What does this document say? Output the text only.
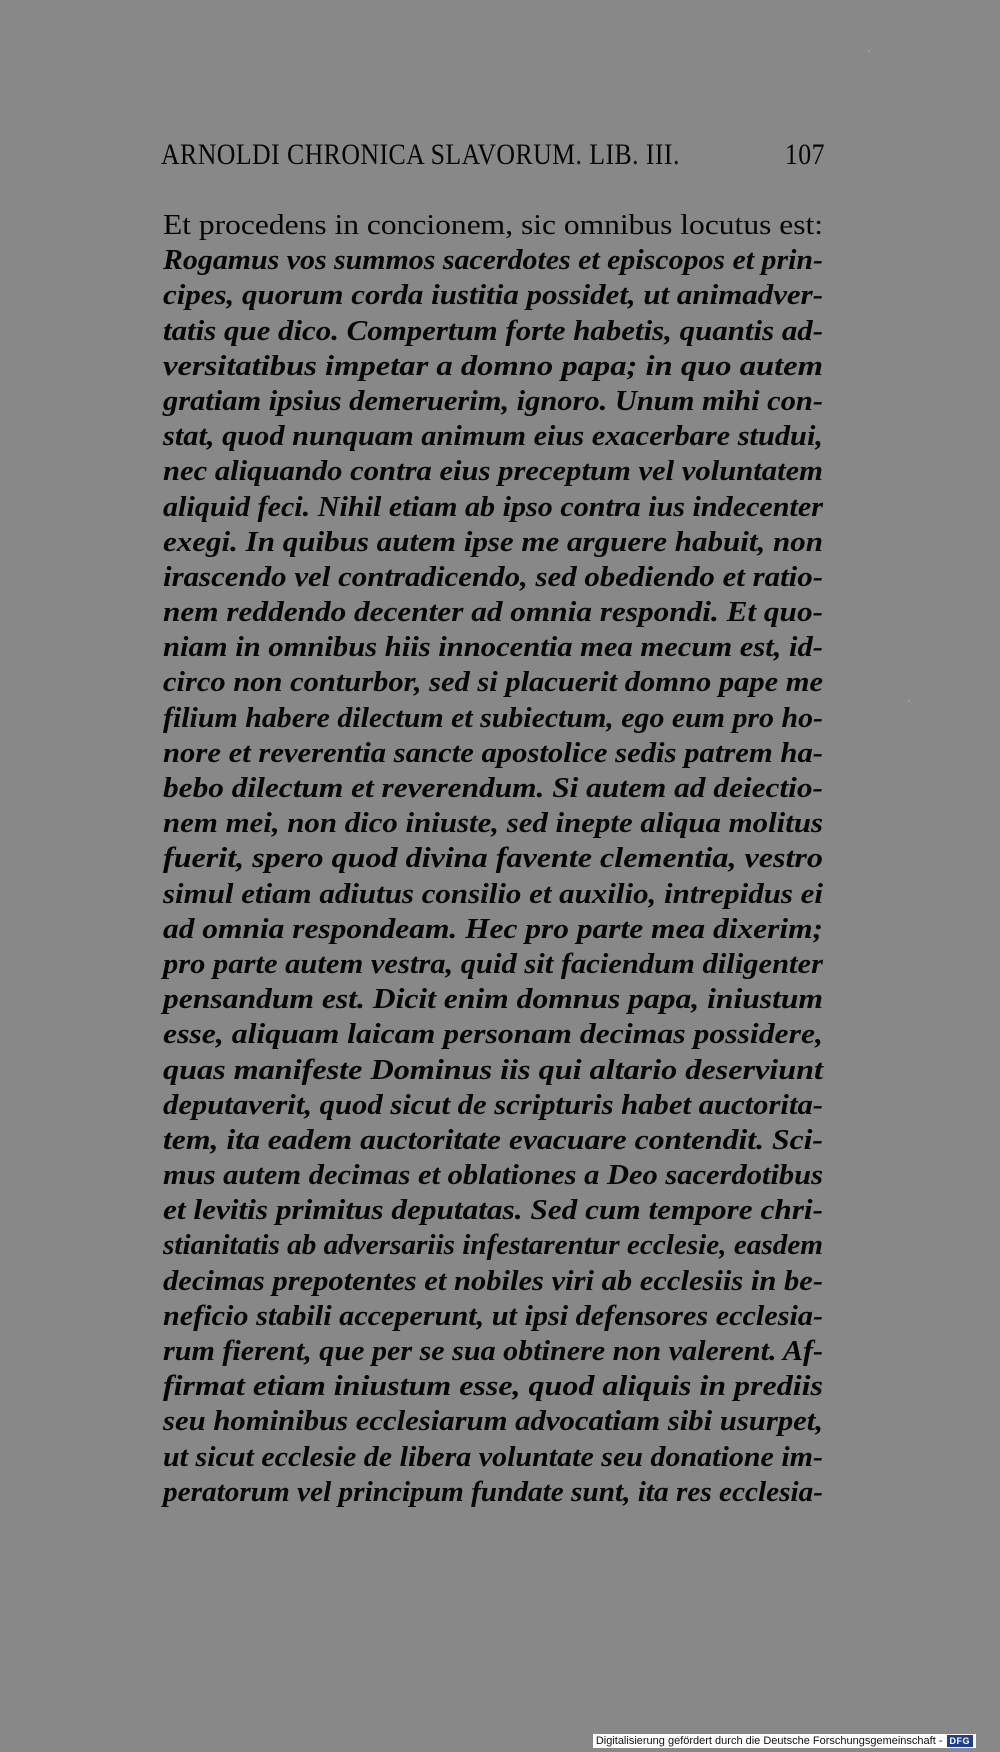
ARNOLDI CHRONICA SLAVORUM. LIB. III.	107
Et procedens in concionem, sic omnibus locutus est:
Rogamus vos summos sacerdotes et episcopos et prin-
cipes, quorum corda iustitia possidet, ut animadver-
tatis que dico. Compertum forte habetis, quantis ad-
versitatibus impetar a domno papa; in quo autem
gratiam ipsius demeruerim, ignoro. Unum mihi con-
stat, quod nunquam animum eius exacerbare studui,
nec aliquando contra eius preceptum vel voluntatem
aliquid feci. Nihil etiam ab ipso contra ius indecenter
exegi. In quibus autem ipse me arguere habuit, non
irascendo vel contradicendo, sed obediendo et ratio-
nem reddendo decenter ad omnia respondi. Et quo-
niam in omnibus hiis innocentia mea mecum est, id-
circo non conturbor, sed si placuerit domno pape me
filium habere dilectum et subiectum, ego eum pro ho-
nore et reverentia sancte apostolice sedis patrem ha-
bebo dilectum et reverendum. Si autem ad deiectio-
nem mei, non dico iniuste, sed inepte aliqua molitus
fuerit, spero quod divina favente clementia, vestro
simul etiam adiutus consilio et auxilio, intrepidus ei
ad omnia respondeam. Hec pro parte mea dixerim;
pro parte autem vestra, quid sit faciendum diligenter
pensandum est. Dicit enim domnus papa, iniustum
esse, aliquam laicam personam decimas possidere,
quas manifeste Dominus iis qui altario deserviunt
deputaverit, quod sicut de scripturis habet auctorita-
tem, ita eadem auctoritate evacuare contendit. Sci-
mus autem decimas et oblationes a Deo sacerdotibus
et levitis primitus deputatas. Sed cum tempore chri-
stianitatis ab adversariis infestarentur ecclesie, easdem
decimas prepotentes et nobiles viri ab ecclesiis in be-
neficio stabili acceperunt, ut ipsi defensores ecclesia-
rum fierent, que per se sua obtinere non valerent. Af-
firmat etiam iniustum esse, quod aliquis in prediis
seu hominibus ecclesiarum advocatiam sibi usurpet,
ut sicut ecclesie de libera voluntate seu donatione im-
peratorum vel principum fundate sunt, ita res ecclesia-
Digitalisierung gefördert durch die Deutsche Forschungsgemeinschaft - DFG
